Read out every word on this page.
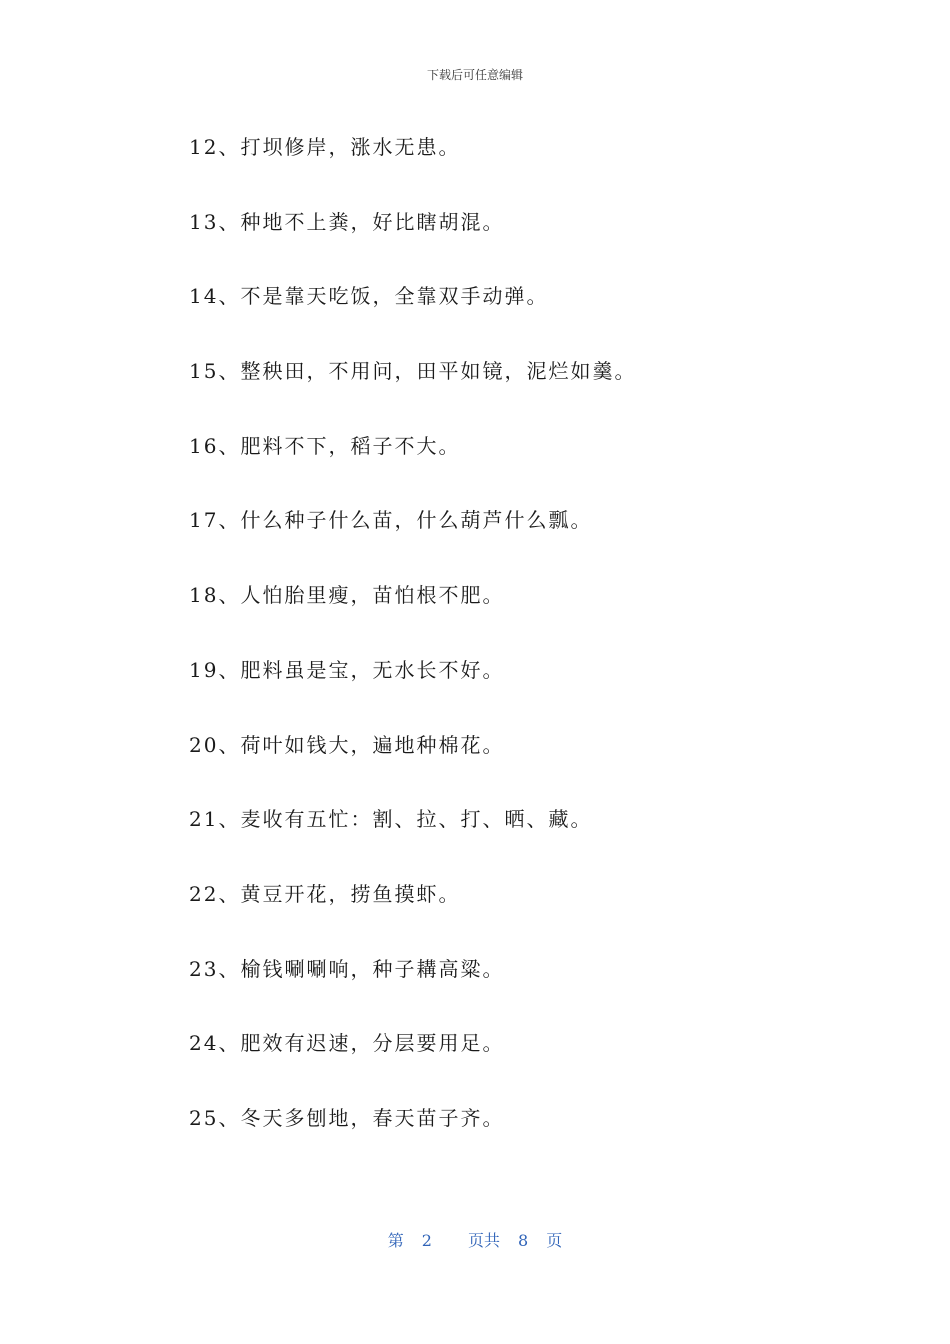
下载后可任意编辑
12、打坝修岸，涨水无患。
13、种地不上粪，好比瞎胡混。
14、不是靠天吃饭，全靠双手动弹。
15、整秧田，不用问，田平如镜，泥烂如羹。
16、肥料不下，稻子不大。
17、什么种子什么苗，什么葫芦什么瓢。
18、人怕胎里瘦，苗怕根不肥。
19、肥料虽是宝，无水长不好。
20、荷叶如钱大，遍地种棉花。
21、麦收有五忙：割、拉、打、晒、藏。
22、黄豆开花，捞鱼摸虾。
23、榆钱唰唰响，种子耩高粱。
24、肥效有迟速，分层要用足。
25、冬天多刨地，春天苗子齐。
第 2 页共 8 页
